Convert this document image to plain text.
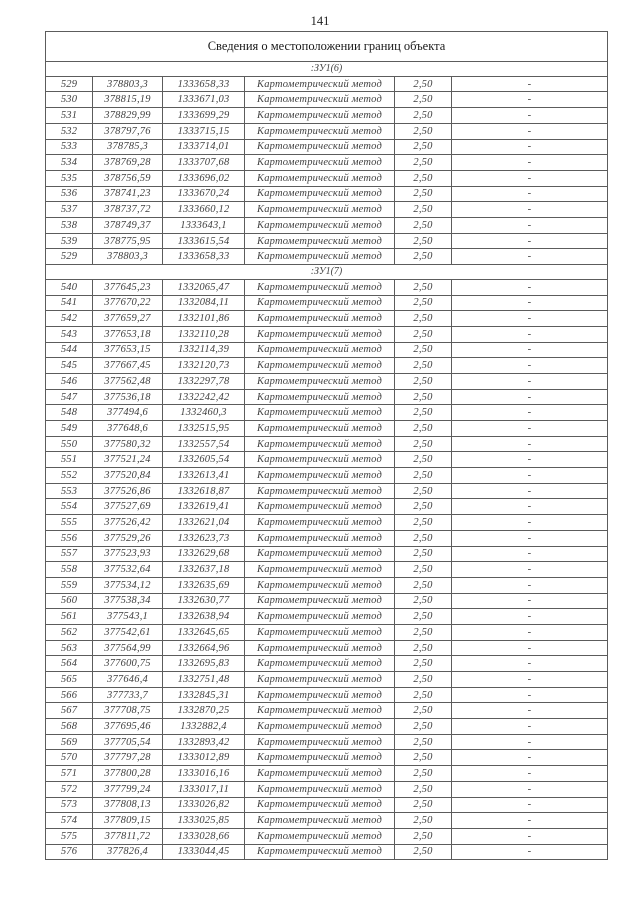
141
Сведения о местоположении границ объекта
:ЗУ1(6)
529	378803,3	1333658,33	Картометрический метод	2,50	-
530	378815,19	1333671,03	Картометрический метод	2,50	-
531	378829,99	1333699,29	Картометрический метод	2,50	-
532	378797,76	1333715,15	Картометрический метод	2,50	-
533	378785,3	1333714,01	Картометрический метод	2,50	-
534	378769,28	1333707,68	Картометрический метод	2,50	-
535	378756,59	1333696,02	Картометрический метод	2,50	-
536	378741,23	1333670,24	Картометрический метод	2,50	-
537	378737,72	1333660,12	Картометрический метод	2,50	-
538	378749,37	1333643,1	Картометрический метод	2,50	-
539	378775,95	1333615,54	Картометрический метод	2,50	-
529	378803,3	1333658,33	Картометрический метод	2,50	-
:ЗУ1(7)
540	377645,23	1332065,47	Картометрический метод	2,50	-
541	377670,22	1332084,11	Картометрический метод	2,50	-
542	377659,27	1332101,86	Картометрический метод	2,50	-
543	377653,18	1332110,28	Картометрический метод	2,50	-
544	377653,15	1332114,39	Картометрический метод	2,50	-
545	377667,45	1332120,73	Картометрический метод	2,50	-
546	377562,48	1332297,78	Картометрический метод	2,50	-
547	377536,18	1332242,42	Картометрический метод	2,50	-
548	377494,6	1332460,3	Картометрический метод	2,50	-
549	377648,6	1332515,95	Картометрический метод	2,50	-
550	377580,32	1332557,54	Картометрический метод	2,50	-
551	377521,24	1332605,54	Картометрический метод	2,50	-
552	377520,84	1332613,41	Картометрический метод	2,50	-
553	377526,86	1332618,87	Картометрический метод	2,50	-
554	377527,69	1332619,41	Картометрический метод	2,50	-
555	377526,42	1332621,04	Картометрический метод	2,50	-
556	377529,26	1332623,73	Картометрический метод	2,50	-
557	377523,93	1332629,68	Картометрический метод	2,50	-
558	377532,64	1332637,18	Картометрический метод	2,50	-
559	377534,12	1332635,69	Картометрический метод	2,50	-
560	377538,34	1332630,77	Картометрический метод	2,50	-
561	377543,1	1332638,94	Картометрический метод	2,50	-
562	377542,61	1332645,65	Картометрический метод	2,50	-
563	377564,99	1332664,96	Картометрический метод	2,50	-
564	377600,75	1332695,83	Картометрический метод	2,50	-
565	377646,4	1332751,48	Картометрический метод	2,50	-
566	377733,7	1332845,31	Картометрический метод	2,50	-
567	377708,75	1332870,25	Картометрический метод	2,50	-
568	377695,46	1332882,4	Картометрический метод	2,50	-
569	377705,54	1332893,42	Картометрический метод	2,50	-
570	377797,28	1333012,89	Картометрический метод	2,50	-
571	377800,28	1333016,16	Картометрический метод	2,50	-
572	377799,24	1333017,11	Картометрический метод	2,50	-
573	377808,13	1333026,82	Картометрический метод	2,50	-
574	377809,15	1333025,85	Картометрический метод	2,50	-
575	377811,72	1333028,66	Картометрический метод	2,50	-
576	377826,4	1333044,45	Картометрический метод	2,50	-
